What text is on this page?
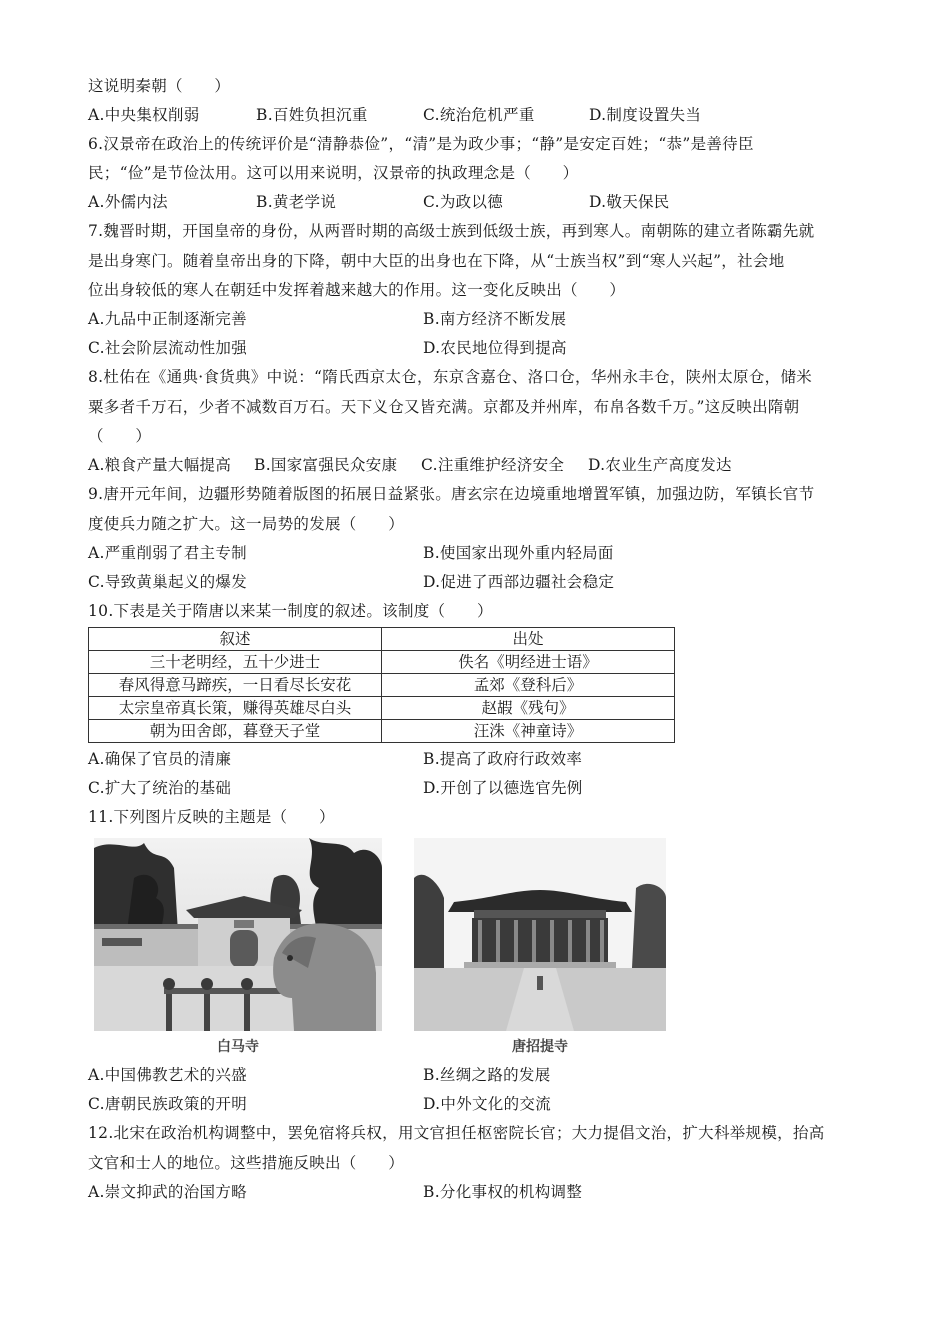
这说明秦朝（　　）
A.中央集权削弱	B.百姓负担沉重	C.统治危机严重	D.制度设置失当
6.汉景帝在政治上的传统评价是“清静恭俭”，“清”是为政少事；“静”是安定百姓；“恭”是善待臣
民；“俭”是节俭汰用。这可以用来说明，汉景帝的执政理念是（　　）
A.外儒内法	B.黄老学说	C.为政以德	D.敬天保民
7.魏晋时期，开国皇帝的身份，从两晋时期的高级士族到低级士族，再到寒人。南朝陈的建立者陈霸先就
是出身寒门。随着皇帝出身的下降，朝中大臣的出身也在下降，从“士族当权”到“寒人兴起”，社会地
位出身较低的寒人在朝廷中发挥着越来越大的作用。这一变化反映出（　　）
A.九品中正制逐渐完善	B.南方经济不断发展
C.社会阶层流动性加强	D.农民地位得到提高
8.杜佑在《通典·食货典》中说：“隋氏西京太仓，东京含嘉仓、洛口仓，华州永丰仓，陕州太原仓，储米
粟多者千万石，少者不减数百万石。天下义仓又皆充满。京都及并州库，布帛各数千万。”这反映出隋朝
（　　）
A.粮食产量大幅提高 B.国家富强民众安康 C.注重维护经济安全 D.农业生产高度发达
9.唐开元年间，边疆形势随着版图的拓展日益紧张。唐玄宗在边境重地增置军镇，加强边防，军镇长官节
度使兵力随之扩大。这一局势的发展（　　）
A.严重削弱了君主专制	B.使国家出现外重内轻局面
C.导致黄巢起义的爆发	D.促进了西部边疆社会稳定
10.下表是关于隋唐以来某一制度的叙述。该制度（　　）
叙述	出处
三十老明经，五十少进士	佚名《明经进士语》
春风得意马蹄疾，一日看尽长安花	孟郊《登科后》
太宗皇帝真长策，赚得英雄尽白头	赵嘏《残句》
朝为田舍郎，暮登天子堂	汪洙《神童诗》
A.确保了官员的清廉	B.提高了政府行政效率
C.扩大了统治的基础	D.开创了以德选官先例
11.下列图片反映的主题是（　　）
白马寺	唐招提寺
A.中国佛教艺术的兴盛	B.丝绸之路的发展
C.唐朝民族政策的开明	D.中外文化的交流
12.北宋在政治机构调整中，罢免宿将兵权，用文官担任枢密院长官；大力提倡文治，扩大科举规模，抬高
文官和士人的地位。这些措施反映出（　　）
A.崇文抑武的治国方略	B.分化事权的机构调整
